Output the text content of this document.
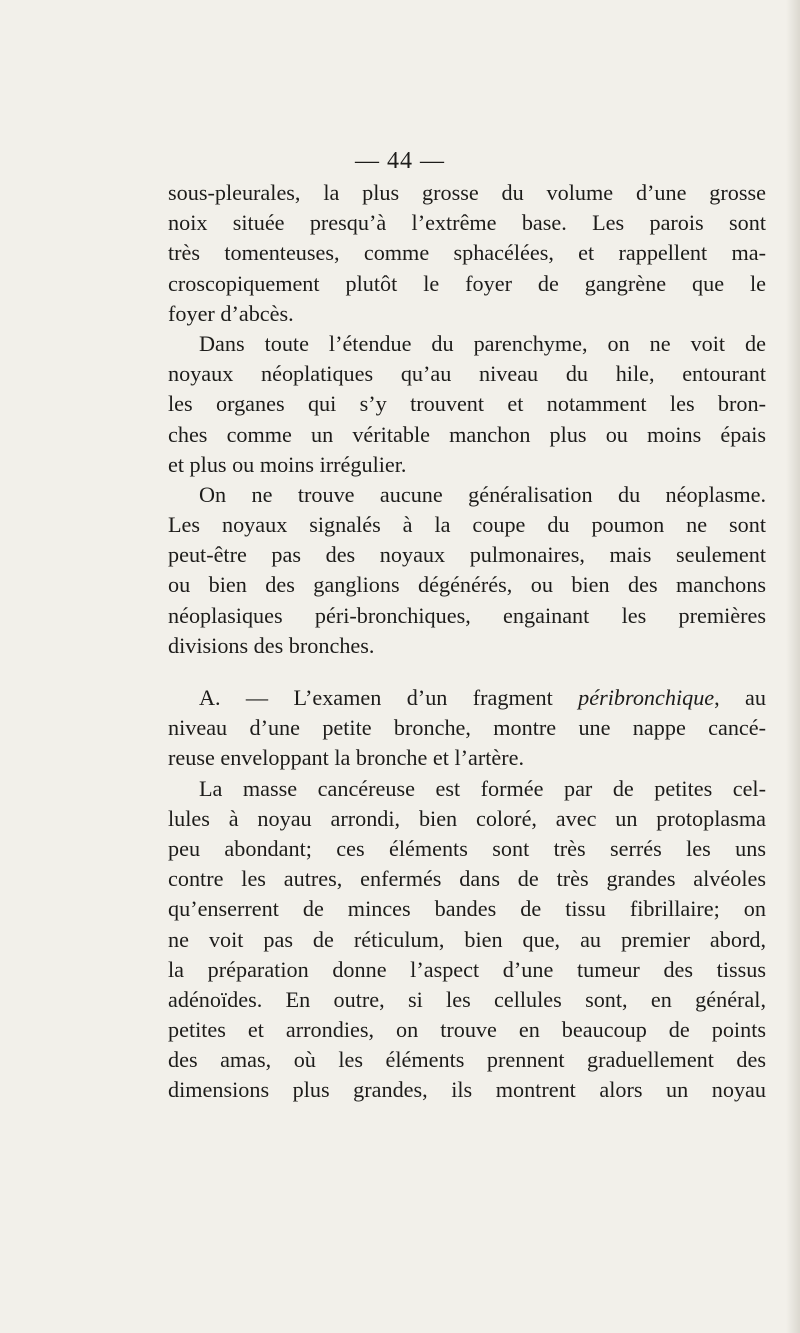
— 44 —
sous-pleurales, la plus grosse du volume d’une grosse
noix située presqu’à l’extrême base. Les parois sont
très tomenteuses, comme sphacélées, et rappellent ma-
croscopiquement plutôt le foyer de gangrène que le
foyer d’abcès.
Dans toute l’étendue du parenchyme, on ne voit de
noyaux néoplatiques qu’au niveau du hile, entourant
les organes qui s’y trouvent et notamment les bron-
ches comme un véritable manchon plus ou moins épais
et plus ou moins irrégulier.
On ne trouve aucune généralisation du néoplasme.
Les noyaux signalés à la coupe du poumon ne sont
peut-être pas des noyaux pulmonaires, mais seulement
ou bien des ganglions dégénérés, ou bien des manchons
néoplasiques péri-bronchiques, engainant les premières
divisions des bronches.
A. — L’examen d’un fragment péribronchique, au
niveau d’une petite bronche, montre une nappe cancé-
reuse enveloppant la bronche et l’artère.
La masse cancéreuse est formée par de petites cel-
lules à noyau arrondi, bien coloré, avec un protoplasma
peu abondant; ces éléments sont très serrés les uns
contre les autres, enfermés dans de très grandes alvéoles
qu’enserrent de minces bandes de tissu fibrillaire; on
ne voit pas de réticulum, bien que, au premier abord,
la préparation donne l’aspect d’une tumeur des tissus
adénoïdes. En outre, si les cellules sont, en général,
petites et arrondies, on trouve en beaucoup de points
des amas, où les éléments prennent graduellement des
dimensions plus grandes, ils montrent alors un noyau
